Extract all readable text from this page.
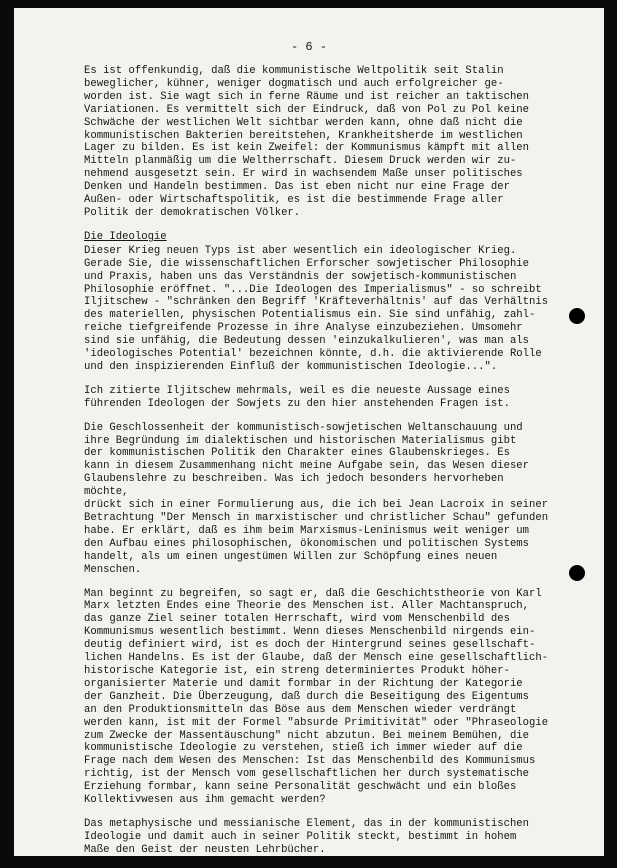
- 6 -

Es ist offenkundig, daß die kommunistische Weltpolitik seit Stalin
beweglicher, kühner, weniger dogmatisch und auch erfolgreicher ge-
worden ist. Sie wagt sich in ferne Räume und ist reicher an taktischen
Variationen. Es vermittelt sich der Eindruck, daß von Pol zu Pol keine
Schwäche der westlichen Welt sichtbar werden kann, ohne daß nicht die
kommunistischen Bakterien bereitstehen, Krankheitsherde im westlichen
Lager zu bilden. Es ist kein Zweifel: der Kommunismus kämpft mit allen
Mitteln planmäßig um die Weltherrschaft. Diesem Druck werden wir zu-
nehmend ausgesetzt sein. Er wird in wachsendem Maße unser politisches
Denken und Handeln bestimmen. Das ist eben nicht nur eine Frage der
Außen- oder Wirtschaftspolitik, es ist die bestimmende Frage aller
Politik der demokratischen Völker.

Die Ideologie

Dieser Krieg neuen Typs ist aber wesentlich ein ideologischer Krieg.
Gerade Sie, die wissenschaftlichen Erforscher sowjetischer Philosophie
und Praxis, haben uns das Verständnis der sowjetisch-kommunistischen
Philosophie eröffnet. "...Die Ideologen des Imperialismus" - so schreibt
Iljitschew - "schränken den Begriff 'Kräfteverhältnis' auf das Verhältnis
des materiellen, physischen Potentialismus ein. Sie sind unfähig, zahl-
reiche tiefgreifende Prozesse in ihre Analyse einzubeziehen. Umsomehr
sind sie unfähig, die Bedeutung dessen 'einzukalkulieren', was man als
'ideologisches Potential' bezeichnen könnte, d.h. die aktivierende Rolle
und den inspizierenden Einfluß der kommunistischen Ideologie...".

Ich zitierte Iljitschew mehrmals, weil es die neueste Aussage eines
führenden Ideologen der Sowjets zu den hier anstehenden Fragen ist.

Die Geschlossenheit der kommunistisch-sowjetischen Weltanschauung und
ihre Begründung im dialektischen und historischen Materialismus gibt
der kommunistischen Politik den Charakter eines Glaubenskrieges. Es
kann in diesem Zusammenhang nicht meine Aufgabe sein, das Wesen dieser
Glaubenslehre zu beschreiben. Was ich jedoch besonders hervorheben möchte,
drückt sich in einer Formulierung aus, die ich bei Jean Lacroix in seiner
Betrachtung "Der Mensch in marxistischer und christlicher Schau" gefunden
habe. Er erklärt, daß es ihm beim Marxismus-Leninismus weit weniger um
den Aufbau eines philosophischen, ökonomischen und politischen Systems
handelt, als um einen ungestümen Willen zur Schöpfung eines neuen Menschen.

Man beginnt zu begreifen, so sagt er, daß die Geschichtstheorie von Karl
Marx letzten Endes eine Theorie des Menschen ist. Aller Machtanspruch,
das ganze Ziel seiner totalen Herrschaft, wird vom Menschenbild des
Kommunismus wesentlich bestimmt. Wenn dieses Menschenbild nirgends ein-
deutig definiert wird, ist es doch der Hintergrund seines gesellschaft-
lichen Handelns. Es ist der Glaube, daß der Mensch eine gesellschaftlich-
historische Kategorie ist, ein streng determiniertes Produkt höher-
organisierter Materie und damit formbar in der Richtung der Kategorie
der Ganzheit. Die Überzeugung, daß durch die Beseitigung des Eigentums
an den Produktionsmitteln das Böse aus dem Menschen wieder verdrängt
werden kann, ist mit der Formel "absurde Primitivität" oder "Phraseologie
zum Zwecke der Massentäuschung" nicht abzutun. Bei meinem Bemühen, die
kommunistische Ideologie zu verstehen, stieß ich immer wieder auf die
Frage nach dem Wesen des Menschen: Ist das Menschenbild des Kommunismus
richtig, ist der Mensch vom gesellschaftlichen her durch systematische
Erziehung formbar, kann seine Personalität geschwächt und ein bloßes
Kollektivwesen aus ihm gemacht werden?

Das metaphysische und messianische Element, das in der kommunistischen
Ideologie und damit auch in seiner Politik steckt, bestimmt in hohem
Maße den Geist der neusten Lehrbücher.
